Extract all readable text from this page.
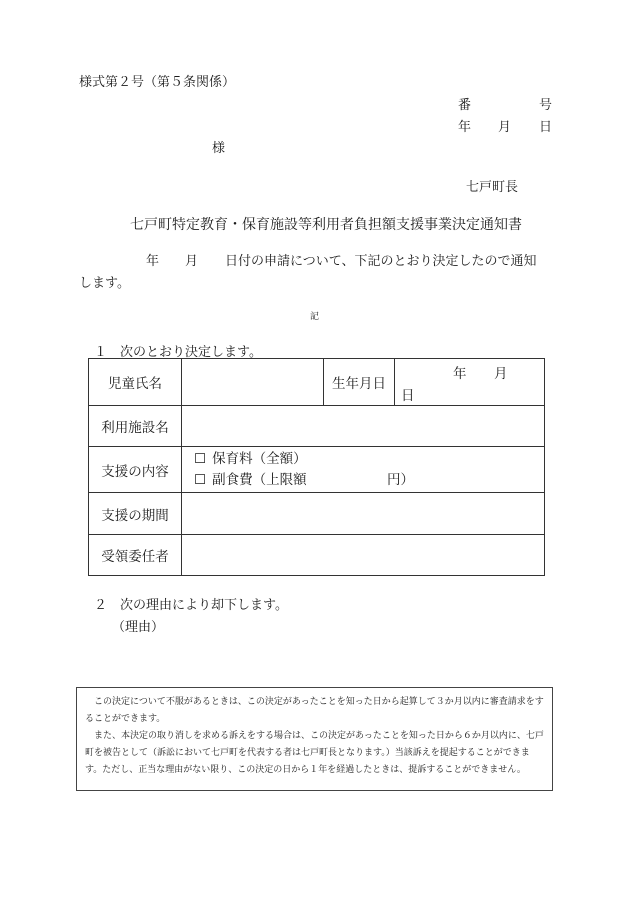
様式第２号（第５条関係）
番	号
年 月 日
様
七戸町長
七戸町特定教育・保育施設等利用者負担額支援事業決定通知書
年 月 日付の申請について、下記のとおり決定したので通知
します。
記
１　次のとおり決定します。
児童氏名		生年月日	年 月
日

利用施設名			
支援の内容	☐ 保育料（全額）
☐ 副食費（上限額 円）		

支援の期間			
受領委任者			
２　次の理由により却下します。
（理由）

この決定について不服があるときは、この決定があったことを知った日から起算して３か月以内に審査請求をすることができます。

また、本決定の取り消しを求める訴えをする場合は、この決定があったことを知った日から６か月以内に、七戸町を被告として（訴訟において七戸町を代表する者は七戸町長となります。）当該訴えを提起することができます。ただし、正当な理由がない限り、この決定の日から１年を経過したときは、提訴することができません。
